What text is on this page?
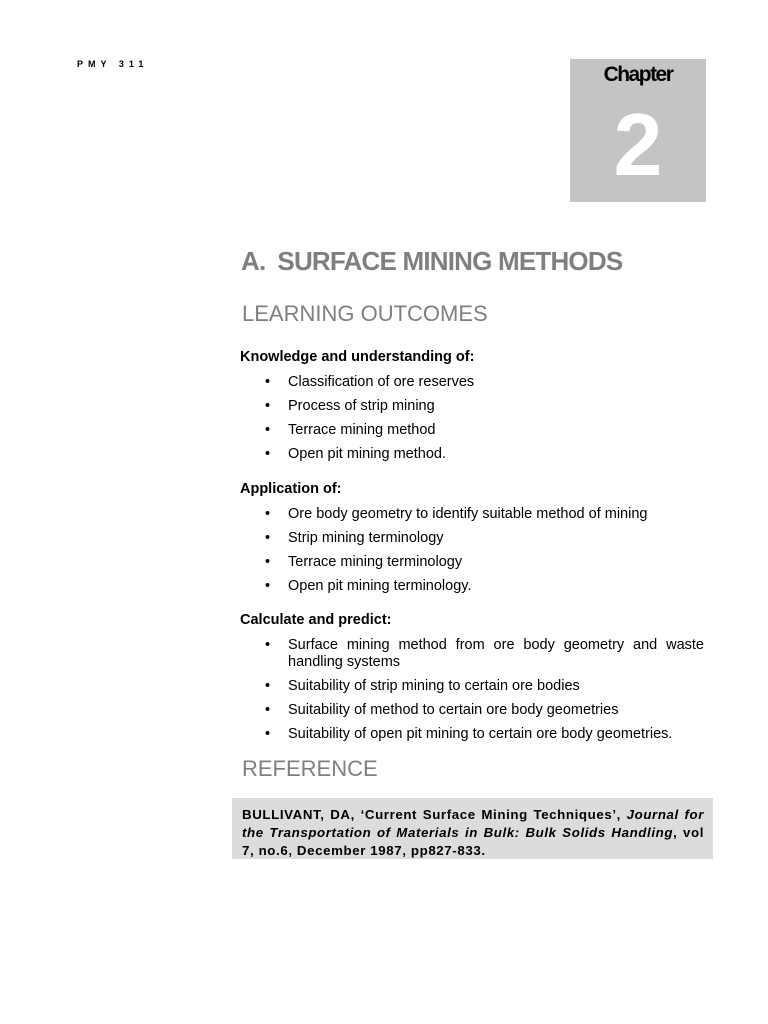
PMY 311	Chapter
2
A. SURFACE MINING METHODS
LEARNING OUTCOMES
Knowledge and understanding of:
• Classification of ore reserves
• Process of strip mining
• Terrace mining method
• Open pit mining method.
Application of:
• Ore body geometry to identify suitable method of mining
• Strip mining terminology
• Terrace mining terminology
• Open pit mining terminology.
Calculate and predict:
• Surface mining method from ore body geometry and waste handling systems
• Suitability of strip mining to certain ore bodies
• Suitability of method to certain ore body geometries
• Suitability of open pit mining to certain ore body geometries.
REFERENCE
BULLIVANT, DA, ‘Current Surface Mining Techniques’, Journal for the Transportation of Materials in Bulk: Bulk Solids Handling, vol 7, no.6, December 1987, pp827-833.
